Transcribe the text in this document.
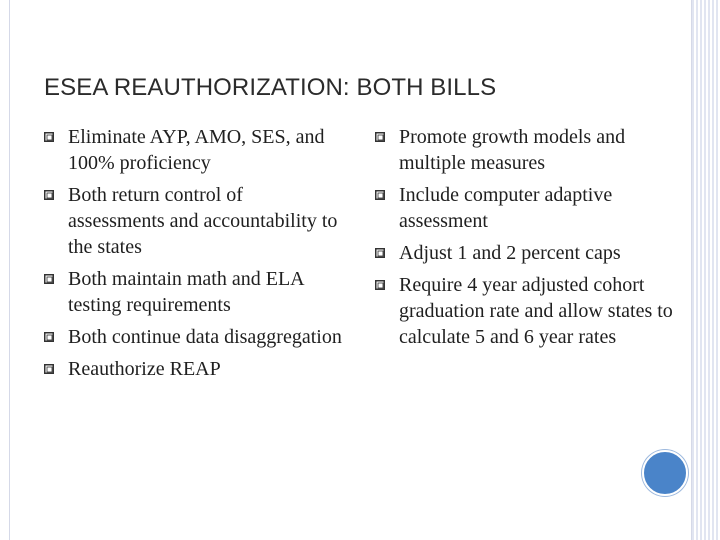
ESEA REAUTHORIZATION: BOTH BILLS
Eliminate AYP, AMO, SES, and 100% proficiency
Both return control of assessments and accountability to the states
Both maintain math and ELA testing requirements
Both continue data disaggregation
Reauthorize REAP
Promote growth models and multiple measures
Include computer adaptive assessment
Adjust 1 and 2 percent caps
Require 4 year adjusted cohort graduation rate and allow states to calculate 5 and 6 year rates
